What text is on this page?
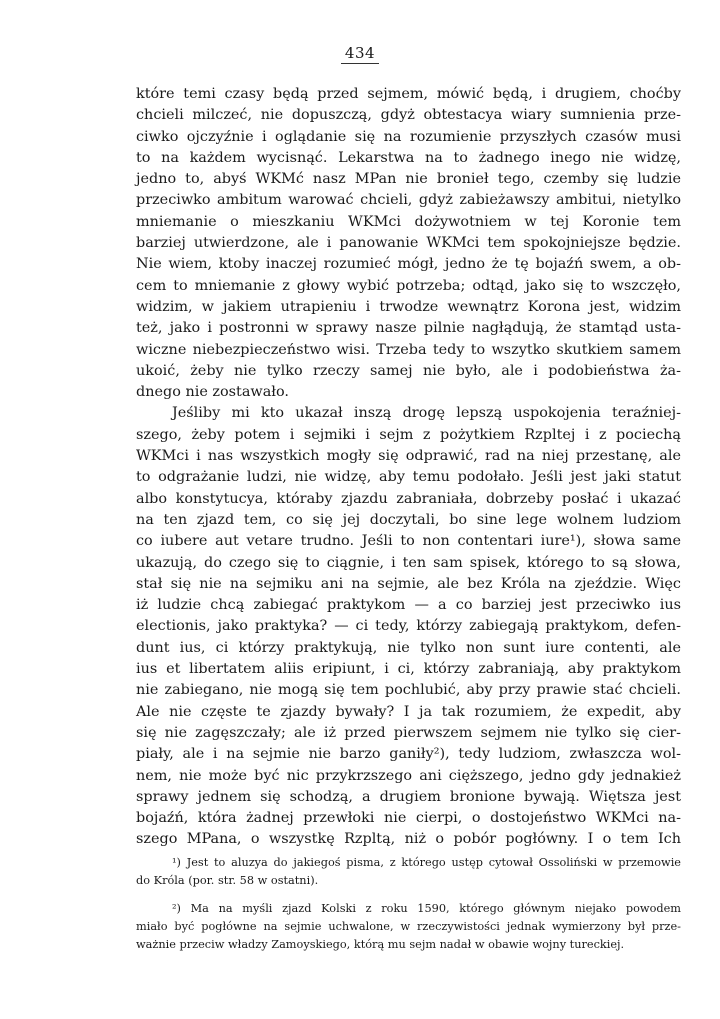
434
które temi czasy będą przed sejmem, mówić będą, i drugiem, choćby
chcieli milczeć, nie dopuszczą, gdyż obtestacya wiary sumnienia prze-
ciwko ojczyźnie i oglądanie się na rozumienie przyszłych czasów musi
to na każdem wycisnąć. Lekarstwa na to żadnego inego nie widzę,
jedno to, abyś WKMć nasz MPan nie bronieł tego, czemby się ludzie
przeciwko ambitum warować chcieli, gdyż zabieżawszy ambitui, nietylko
mniemanie o mieszkaniu WKMci dożywotniem w tej Koronie tem
barziej utwierdzone, ale i panowanie WKMci tem spokojniejsze będzie.
Nie wiem, ktoby inaczej rozumieć mógł, jedno że tę bojaźń swem, a ob-
cem to mniemanie z głowy wybić potrzeba; odtąd, jako się to wszczęło,
widzim, w jakiem utrapieniu i trwodze wewnątrz Korona jest, widzim
też, jako i postronni w sprawy nasze pilnie nagłądują, że stamtąd usta-
wiczne niebezpieczeństwo wisi. Trzeba tedy to wszytko skutkiem samem
ukoić, żeby nie tylko rzeczy samej nie było, ale i podobieństwa ża-
dnego nie zostawało.
Jeśliby mi kto ukazał inszą drogę lepszą uspokojenia teraźniej-
szego, żeby potem i sejmiki i sejm z pożytkiem Rzpltej i z pociechą
WKMci i nas wszystkich mogły się odprawić, rad na niej przestanę, ale
to odgrażanie ludzi, nie widzę, aby temu podołało. Jeśli jest jaki statut
albo konstytucya, któraby zjazdu zabraniała, dobrzeby posłać i ukazać
na ten zjazd tem, co się jej doczytali, bo sine lege wolnem ludziom
co iubere aut vetare trudno. Jeśli to non contentari iure¹), słowa same
ukazują, do czego się to ciągnie, i ten sam spisek, którego to są słowa,
stał się nie na sejmiku ani na sejmie, ale bez Króla na zjeździe. Więc
iż ludzie chcą zabiegać praktykom — a co barziej jest przeciwko ius
electionis, jako praktyka? — ci tedy, którzy zabiegają praktykom, defen-
dunt ius, ci którzy praktykują, nie tylko non sunt iure contenti, ale
ius et libertatem aliis eripiunt, i ci, którzy zabraniają, aby praktykom
nie zabiegano, nie mogą się tem pochlubić, aby przy prawie stać chcieli.
Ale nie częste te zjazdy bywały? I ja tak rozumiem, że expedit, aby
się nie zagęszczały; ale iż przed pierwszem sejmem nie tylko się cier-
piały, ale i na sejmie nie barzo ganiły²), tedy ludziom, zwłaszcza wol-
nem, nie może być nic przykrzszego ani cięższego, jedno gdy jednakież
sprawy jednem się schodzą, a drugiem bronione bywają. Więtsza jest
bojaźń, która żadnej przewłoki nie cierpi, o dostojeństwo WKMci na-
szego MPana, o wszystkę Rzpltą, niż o pobór pogłówny. I o tem Ich
¹) Jest to aluzya do jakiegoś pisma, z którego ustęp cytował Ossoliński w przemowie
do Króla (por. str. 58 w ostatni).
²) Ma na myśli zjazd Kolski z roku 1590, którego głównym niejako powodem
miało być pogłówne na sejmie uchwalone, w rzeczywistości jednak wymierzony był prze-
ważnie przeciw władzy Zamoyskiego, którą mu sejm nadał w obawie wojny tureckiej.
